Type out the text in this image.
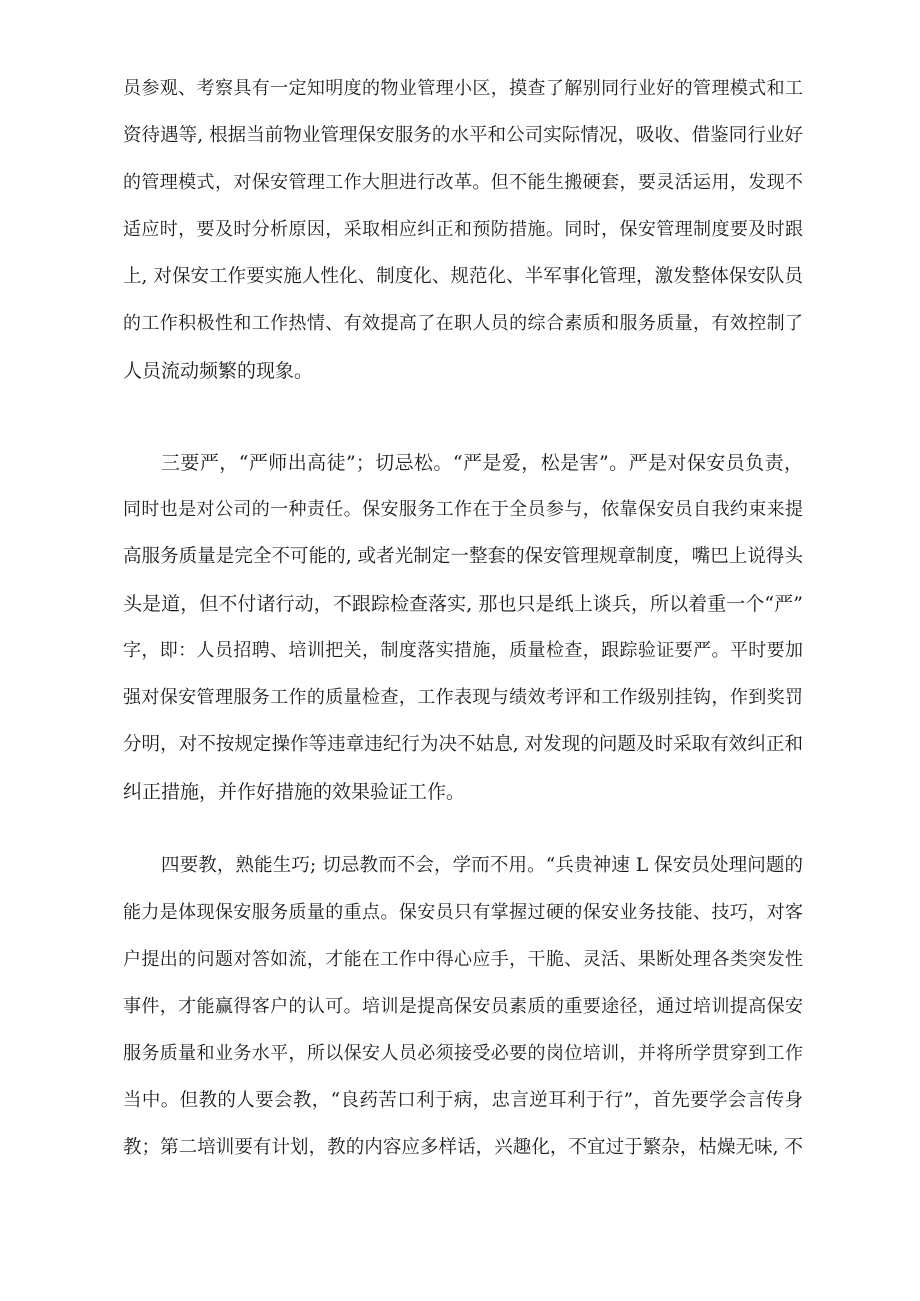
员参观、考察具有一定知明度的物业管理小区，摸查了解别同行业好的管理模式和工
资待遇等, 根据当前物业管理保安服务的水平和公司实际情况，吸收、借鉴同行业好
的管理模式，对保安管理工作大胆进行改革。但不能生搬硬套，要灵活运用，发现不
适应时，要及时分析原因，采取相应纠正和预防措施。同时，保安管理制度要及时跟
上, 对保安工作要实施人性化、制度化、规范化、半军事化管理，激发整体保安队员
的工作积极性和工作热情、有效提高了在职人员的综合素质和服务质量，有效控制了
人员流动频繁的现象。
三要严，“严师出高徒”；切忌松。“严是爱，松是害”。严是对保安员负责，
同时也是对公司的一种责任。保安服务工作在于全员参与，依靠保安员自我约束来提
高服务质量是完全不可能的, 或者光制定一整套的保安管理规章制度，嘴巴上说得头
头是道，但不付诸行动，不跟踪检查落实, 那也只是纸上谈兵，所以着重一个“严”
字，即：人员招聘、培训把关，制度落实措施，质量检查，跟踪验证要严。平时要加
强对保安管理服务工作的质量检查，工作表现与绩效考评和工作级别挂钩，作到奖罚
分明，对不按规定操作等违章违纪行为决不姑息, 对发现的问题及时采取有效纠正和
纠正措施，并作好措施的效果验证工作。
四要教，熟能生巧; 切忌教而不会，学而不用。“兵贵神速 L 保安员处理问题的
能力是体现保安服务质量的重点。保安员只有掌握过硬的保安业务技能、技巧，对客
户提出的问题对答如流，才能在工作中得心应手，干脆、灵活、果断处理各类突发性
事件，才能赢得客户的认可。培训是提高保安员素质的重要途径，通过培训提高保安
服务质量和业务水平，所以保安人员必须接受必要的岗位培训，并将所学贯穿到工作
当中。但教的人要会教，“良药苦口利于病，忠言逆耳利于行”，首先要学会言传身
教；第二培训要有计划，教的内容应多样话，兴趣化，不宜过于繁杂，枯燥无味, 不
